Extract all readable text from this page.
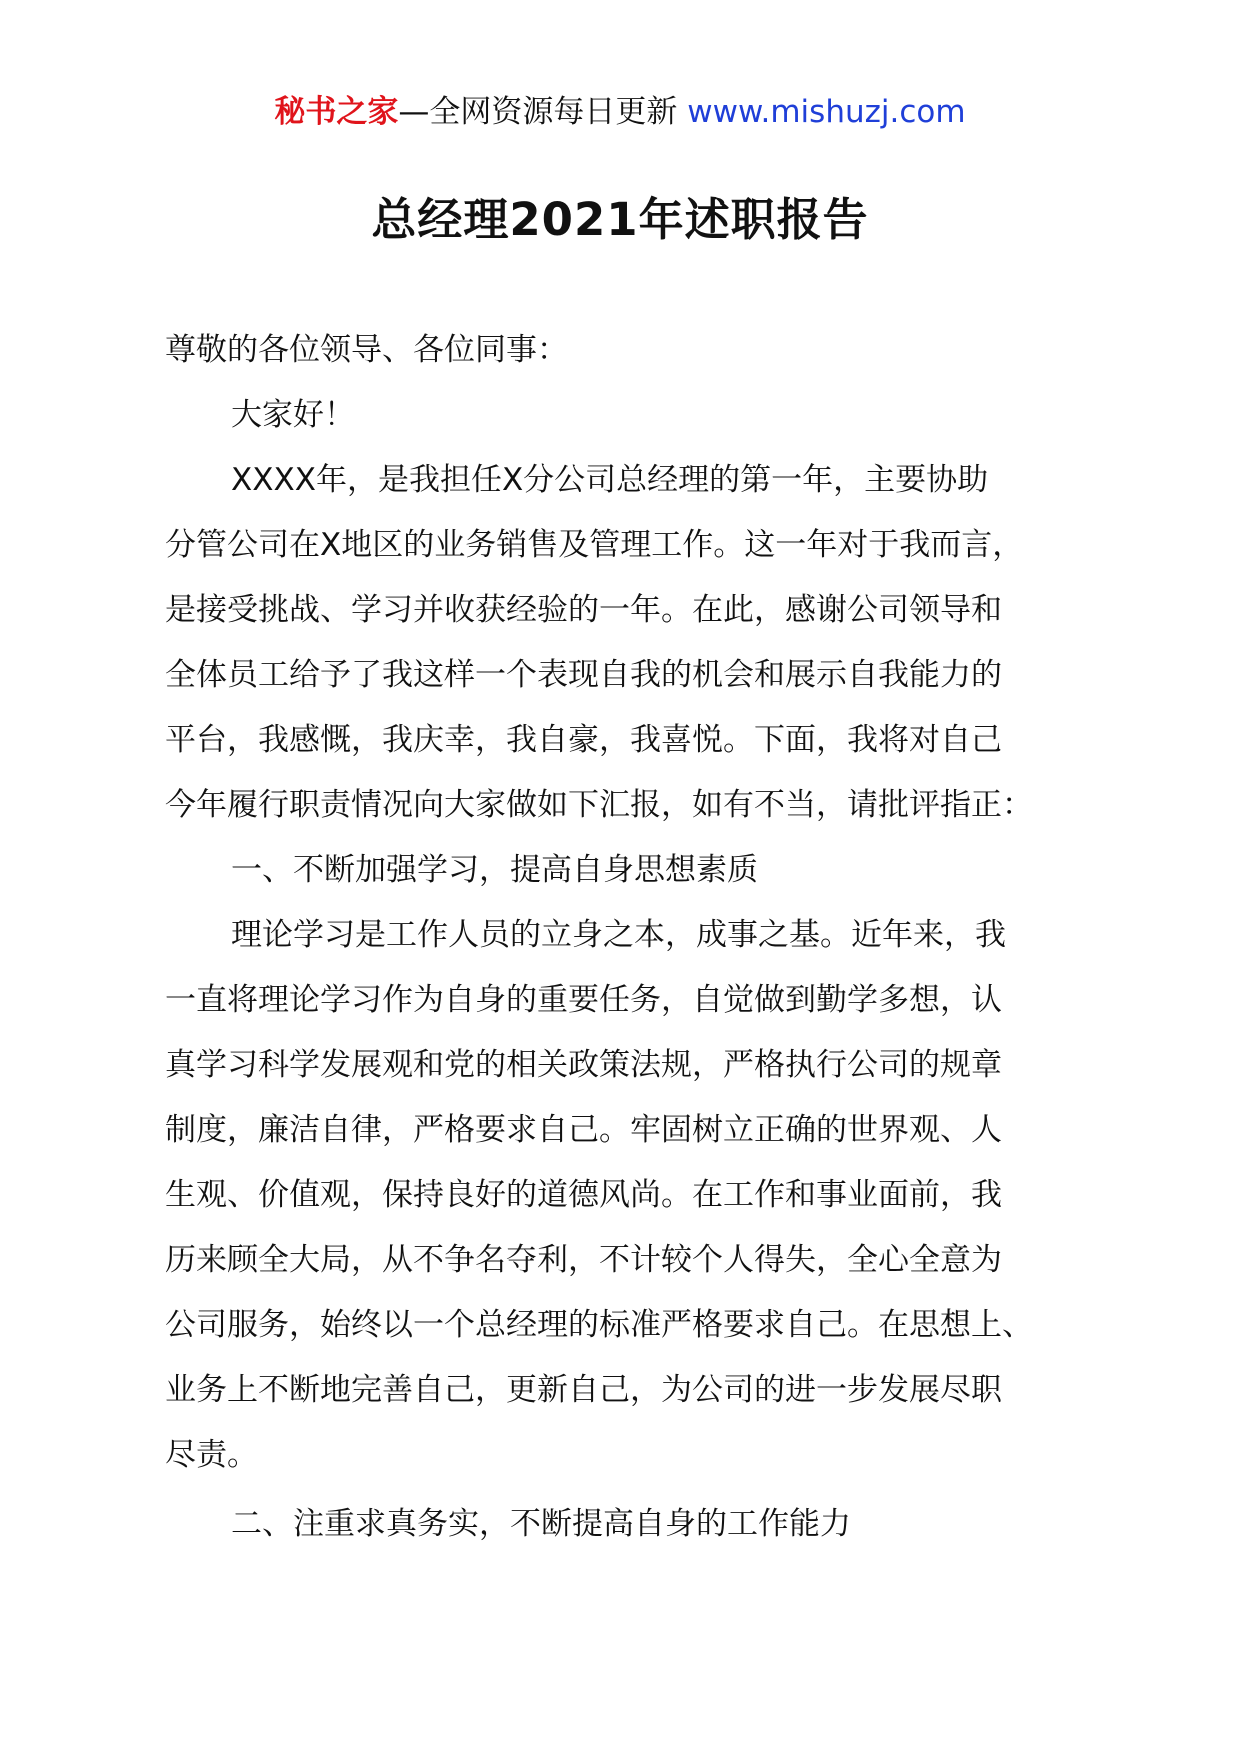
秘书之家—全网资源每日更新 www.mishuzj.com
总经理2021年述职报告
尊敬的各位领导、各位同事：
大家好！
XXXX年，是我担任X分公司总经理的第一年，主要协助
分管公司在X地区的业务销售及管理工作。这一年对于我而言，
是接受挑战、学习并收获经验的一年。在此，感谢公司领导和
全体员工给予了我这样一个表现自我的机会和展示自我能力的
平台，我感慨，我庆幸，我自豪，我喜悦。下面，我将对自己
今年履行职责情况向大家做如下汇报，如有不当，请批评指正：
一、不断加强学习，提高自身思想素质
理论学习是工作人员的立身之本，成事之基。近年来，我
一直将理论学习作为自身的重要任务，自觉做到勤学多想，认
真学习科学发展观和党的相关政策法规，严格执行公司的规章
制度，廉洁自律，严格要求自己。牢固树立正确的世界观、人
生观、价值观，保持良好的道德风尚。在工作和事业面前，我
历来顾全大局，从不争名夺利，不计较个人得失，全心全意为
公司服务，始终以一个总经理的标准严格要求自己。在思想上、
业务上不断地完善自己，更新自己，为公司的进一步发展尽职
尽责。
二、注重求真务实，不断提高自身的工作能力
